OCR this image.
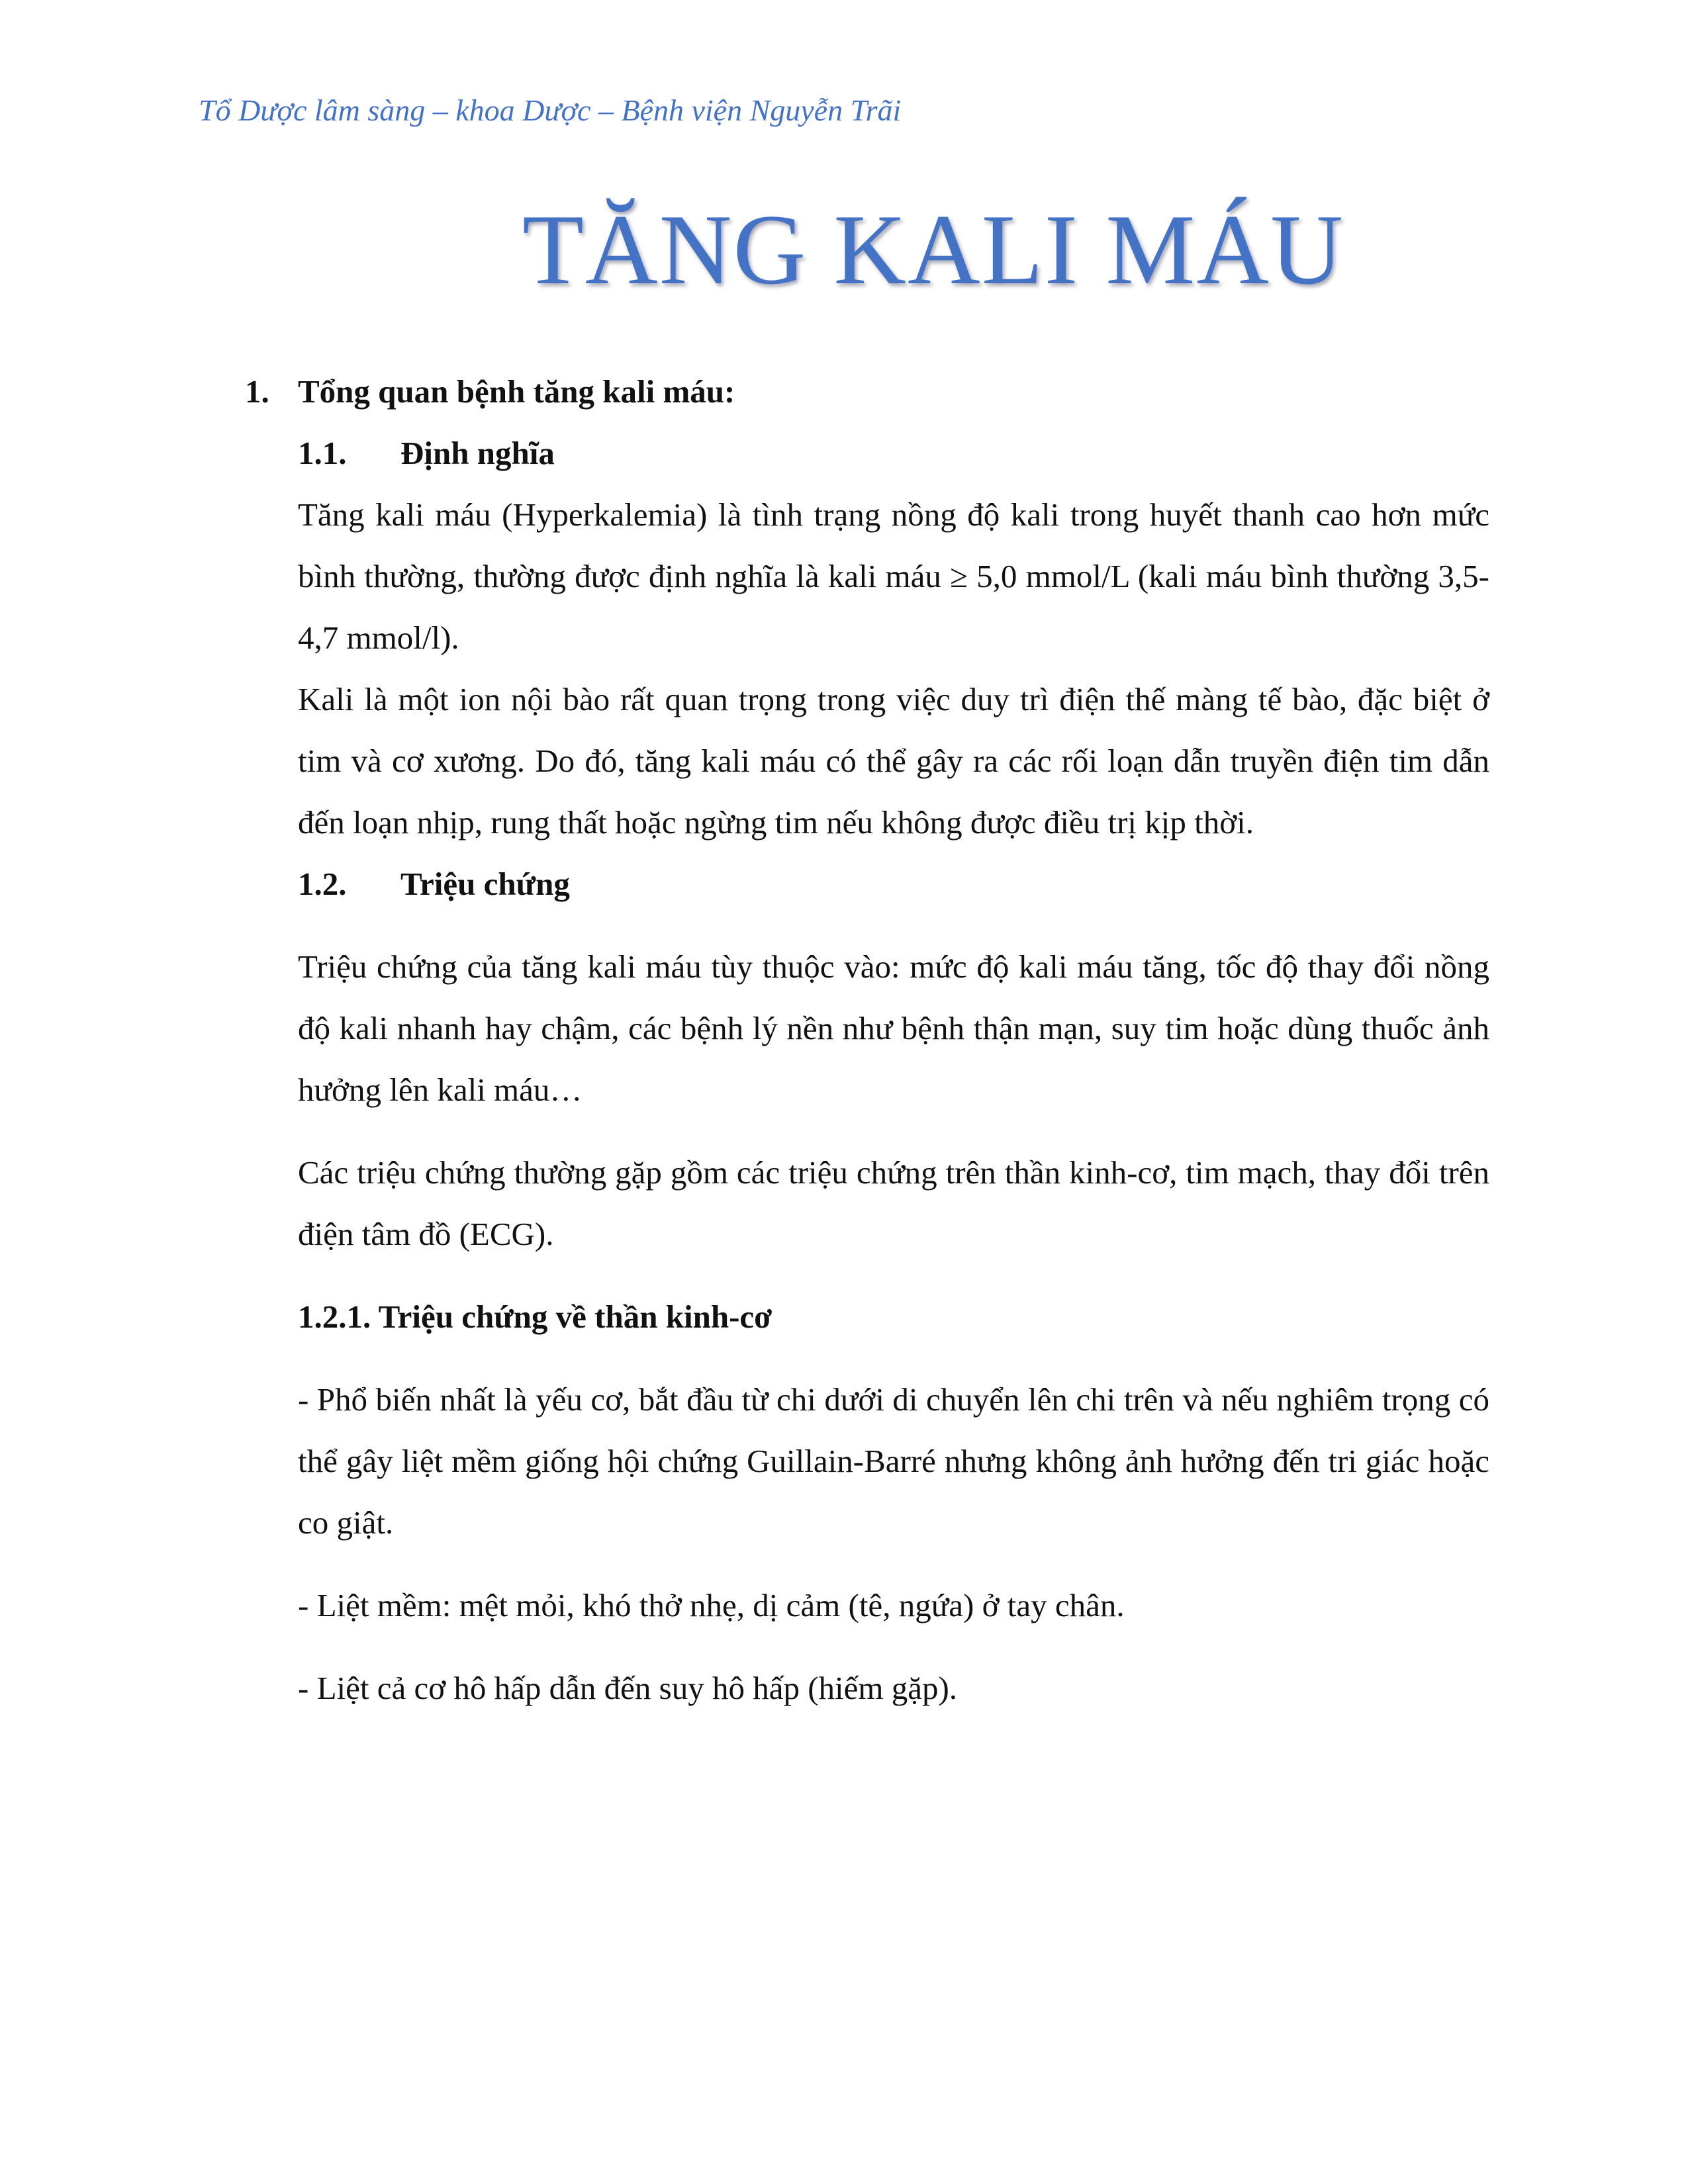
Tổ Dược lâm sàng – khoa Dược – Bệnh viện Nguyễn Trãi
TĂNG KALI MÁU

1. Tổng quan bệnh tăng kali máu:

1.1. Định nghĩa

Tăng kali máu (Hyperkalemia) là tình trạng nồng độ kali trong huyết thanh cao hơn mức bình thường, thường được định nghĩa là kali máu ≥ 5,0 mmol/L (kali máu bình thường 3,5-4,7 mmol/l).

Kali là một ion nội bào rất quan trọng trong việc duy trì điện thế màng tế bào, đặc biệt ở tim và cơ xương. Do đó, tăng kali máu có thể gây ra các rối loạn dẫn truyền điện tim dẫn đến loạn nhịp, rung thất hoặc ngừng tim nếu không được điều trị kịp thời.

1.2. Triệu chứng

Triệu chứng của tăng kali máu tùy thuộc vào: mức độ kali máu tăng, tốc độ thay đổi nồng độ kali nhanh hay chậm, các bệnh lý nền như bệnh thận mạn, suy tim hoặc dùng thuốc ảnh hưởng lên kali máu…

Các triệu chứng thường gặp gồm các triệu chứng trên thần kinh-cơ, tim mạch, thay đổi trên điện tâm đồ (ECG).

1.2.1. Triệu chứng về thần kinh-cơ

- Phổ biến nhất là yếu cơ, bắt đầu từ chi dưới di chuyển lên chi trên và nếu nghiêm trọng có thể gây liệt mềm giống hội chứng Guillain-Barré nhưng không ảnh hưởng đến tri giác hoặc co giật.

- Liệt mềm: mệt mỏi, khó thở nhẹ, dị cảm (tê, ngứa) ở tay chân.

- Liệt cả cơ hô hấp dẫn đến suy hô hấp (hiếm gặp).
